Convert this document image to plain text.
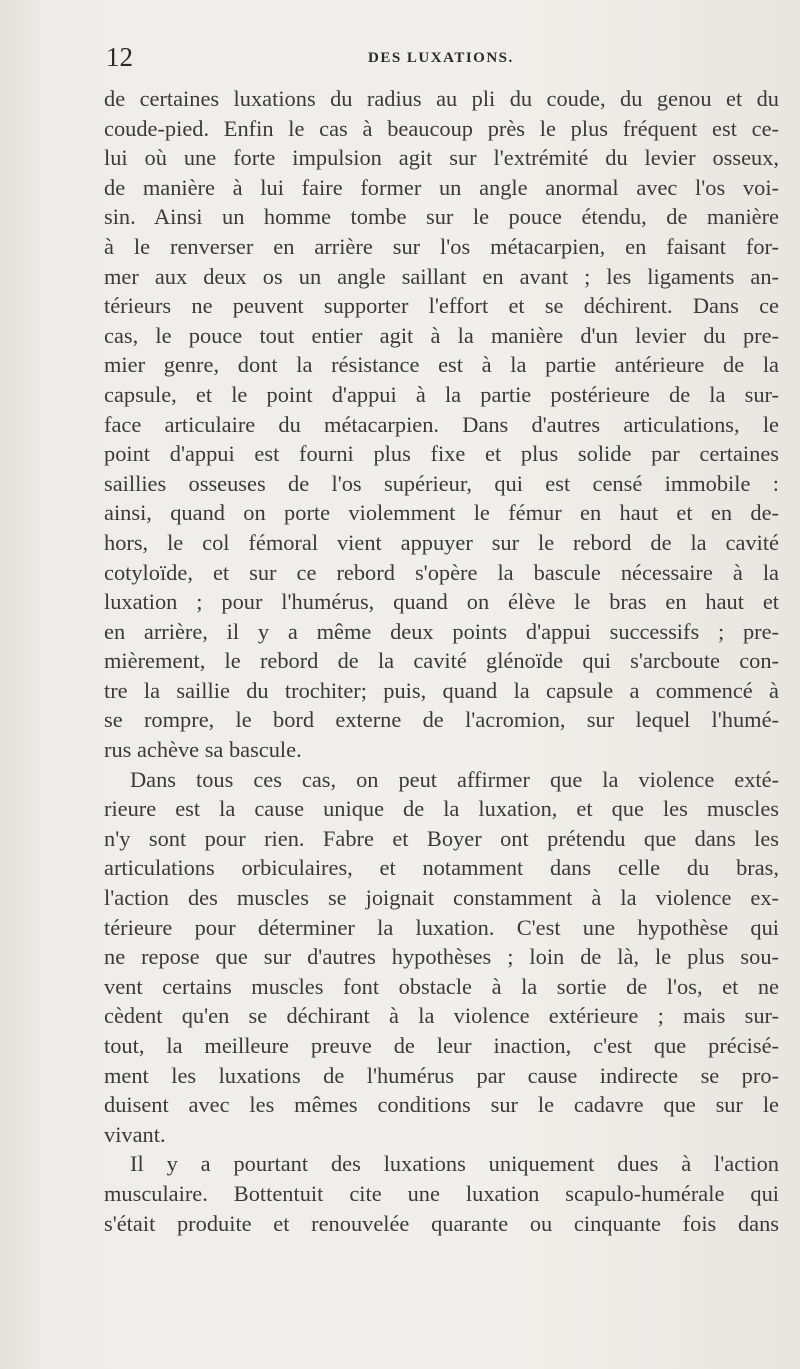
12	DES LUXATIONS.
de certaines luxations du radius au pli du coude, du genou et du
coude-pied. Enfin le cas à beaucoup près le plus fréquent est ce-
lui où une forte impulsion agit sur l'extrémité du levier osseux,
de manière à lui faire former un angle anormal avec l'os voi-
sin. Ainsi un homme tombe sur le pouce étendu, de manière
à le renverser en arrière sur l'os métacarpien, en faisant for-
mer aux deux os un angle saillant en avant ; les ligaments an-
térieurs ne peuvent supporter l'effort et se déchirent. Dans ce
cas, le pouce tout entier agit à la manière d'un levier du pre-
mier genre, dont la résistance est à la partie antérieure de la
capsule, et le point d'appui à la partie postérieure de la sur-
face articulaire du métacarpien. Dans d'autres articulations, le
point d'appui est fourni plus fixe et plus solide par certaines
saillies osseuses de l'os supérieur, qui est censé immobile :
ainsi, quand on porte violemment le fémur en haut et en de-
hors, le col fémoral vient appuyer sur le rebord de la cavité
cotyloïde, et sur ce rebord s'opère la bascule nécessaire à la
luxation ; pour l'humérus, quand on élève le bras en haut et
en arrière, il y a même deux points d'appui successifs ; pre-
mièrement, le rebord de la cavité glénoïde qui s'arcboute con-
tre la saillie du trochiter; puis, quand la capsule a commencé à
se rompre, le bord externe de l'acromion, sur lequel l'humé-
rus achève sa bascule.
Dans tous ces cas, on peut affirmer que la violence exté-
rieure est la cause unique de la luxation, et que les muscles
n'y sont pour rien. Fabre et Boyer ont prétendu que dans les
articulations orbiculaires, et notamment dans celle du bras,
l'action des muscles se joignait constamment à la violence ex-
térieure pour déterminer la luxation. C'est une hypothèse qui
ne repose que sur d'autres hypothèses ; loin de là, le plus sou-
vent certains muscles font obstacle à la sortie de l'os, et ne
cèdent qu'en se déchirant à la violence extérieure ; mais sur-
tout, la meilleure preuve de leur inaction, c'est que précisé-
ment les luxations de l'humérus par cause indirecte se pro-
duisent avec les mêmes conditions sur le cadavre que sur le
vivant.
Il y a pourtant des luxations uniquement dues à l'action
musculaire. Bottentuit cite une luxation scapulo-humérale qui
s'était produite et renouvelée quarante ou cinquante fois dans
